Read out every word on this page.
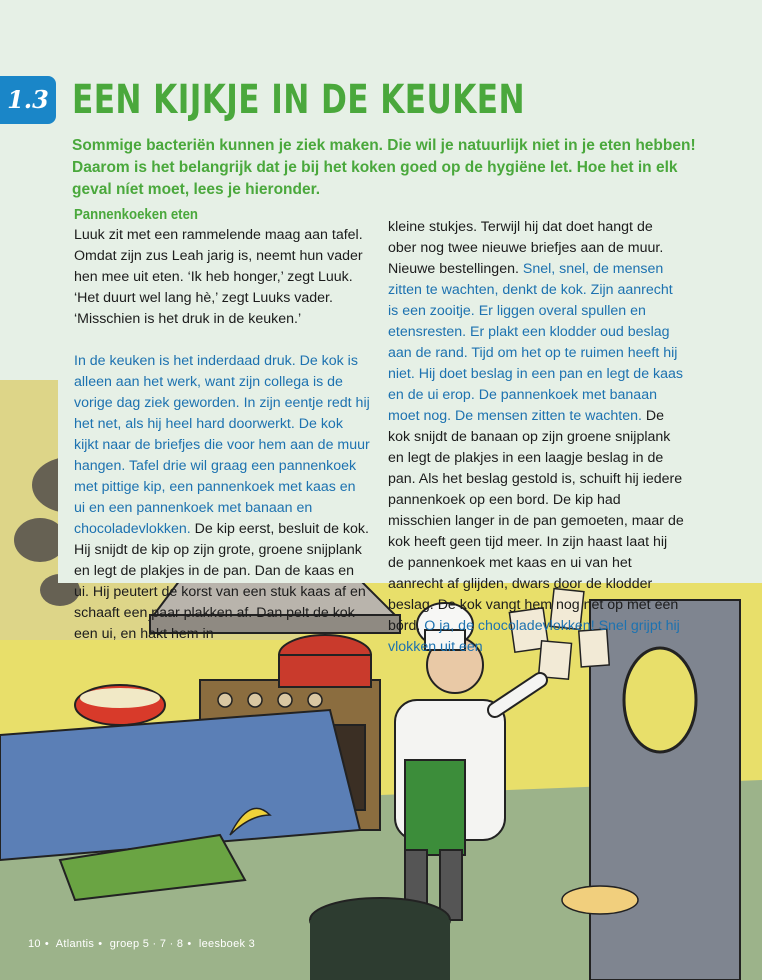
1.3 EEN KIJKJE IN DE KEUKEN

Sommige bacteriën kunnen je ziek maken. Die wil je natuurlijk niet in je eten hebben! Daarom is het belangrijk dat je bij het koken goed op de hygiëne let. Hoe het in elk geval níet moet, lees je hieronder.

Pannenkoeken eten

Luuk zit met een rammelende maag aan tafel. Omdat zijn zus Leah jarig is, neemt hun vader hen mee uit eten. ‘Ik heb honger,’ zegt Luuk. ‘Het duurt wel lang hè,’ zegt Luuks vader. ‘Misschien is het druk in de keuken.’

In de keuken is het inderdaad druk. De kok is alleen aan het werk, want zijn collega is de vorige dag ziek geworden. In zijn eentje redt hij het net, als hij heel hard doorwerkt. De kok kijkt naar de briefjes die voor hem aan de muur hangen. Tafel drie wil graag een pannenkoek met pittige kip, een pannenkoek met kaas en ui en een pannenkoek met banaan en chocoladevlokken. De kip eerst, besluit de kok. Hij snijdt de kip op zijn grote, groene snijplank en legt de plakjes in de pan. Dan de kaas en ui. Hij peutert de korst van een stuk kaas af en schaaft een paar plakken af. Dan pelt de kok een ui, en hakt hem in

kleine stukjes. Terwijl hij dat doet hangt de ober nog twee nieuwe briefjes aan de muur. Nieuwe bestellingen. Snel, snel, de mensen zitten te wachten, denkt de kok. Zijn aanrecht is een zooitje. Er liggen overal spullen en etensresten. Er plakt een klodder oud beslag aan de rand. Tijd om het op te ruimen heeft hij niet. Hij doet beslag in een pan en legt de kaas en de ui erop. De pannenkoek met banaan moet nog. De mensen zitten te wachten. De kok snijdt de banaan op zijn groene snijplank en legt de plakjes in een laagje beslag in de pan. Als het beslag gestold is, schuift hij iedere pannenkoek op een bord. De kip had misschien langer in de pan gemoeten, maar de kok heeft geen tijd meer. In zijn haast laat hij de pannenkoek met kaas en ui van het aanrecht af glijden, dwars door de klodder beslag. De kok vangt hem nog net op met een bord. O ja, de chocoladevlokken! Snel grijpt hij vlokken uit een

10 • Atlantis • groep 5 · 7 · 8 • leesboek 3
